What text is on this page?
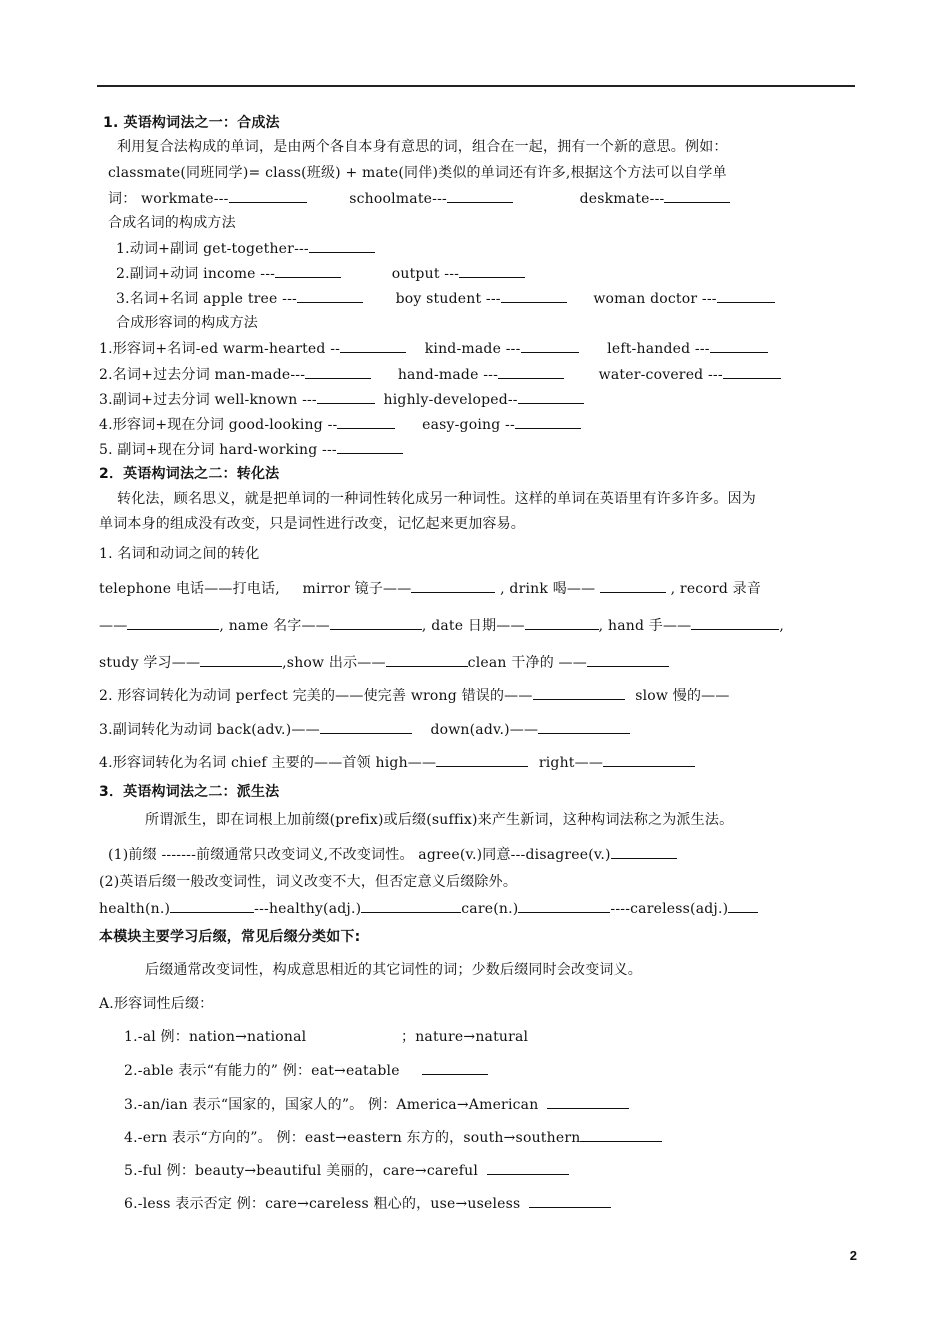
1. 英语构词法之一：合成法
利用复合法构成的单词，是由两个各自本身有意思的词，组合在一起，拥有一个新的意思。例如：
classmate(同班同学)= class(班级) + mate(同伴)类似的单词还有许多,根据这个方法可以自学单
词： workmate---	schoolmate---	deskmate---
合成名词的构成方法
1.动词+副词 get-together---
2.副词+动词 income ---	output ---
3.名词+名词 apple tree ---	boy student ---	woman doctor ---
合成形容词的构成方法
1.形容词+名词-ed warm-hearted --	kind-made ---	left-handed ---
2.名词+过去分词 man-made---	hand-made ---	water-covered ---
3.副词+过去分词 well-known ---	highly-developed--
4.形容词+现在分词 good-looking --	easy-going --
5. 副词+现在分词 hard-working ---
2．英语构词法之二：转化法
转化法，顾名思义，就是把单词的一种词性转化成另一种词性。这样的单词在英语里有许多许多。因为
单词本身的组成没有改变，只是词性进行改变，记忆起来更加容易。
1. 名词和动词之间的转化
telephone 电话——打电话, mirror 镜子——	, drink 喝——	, record 录音
——	, name 名字——	, date 日期——	, hand 手——	,
study 学习——	,show 出示——	clean 干净的 ——
2. 形容词转化为动词 perfect 完美的——使完善 wrong 错误的——	slow 慢的——
3.副词转化为动词 back(adv.)——	down(adv.)——
4.形容词转化为名词 chief 主要的——首领 high——	right——
3．英语构词法之二：派生法
所谓派生，即在词根上加前缀(prefix)或后缀(suffix)来产生新词，这种构词法称之为派生法。
(1)前缀 -------前缀通常只改变词义,不改变词性。 agree(v.)同意---disagree(v.)
(2)英语后缀一般改变词性，词义改变不大，但否定意义后缀除外。
health(n.)	---healthy(adj.)	care(n.)	----careless(adj.)
本模块主要学习后缀，常见后缀分类如下:
后缀通常改变词性，构成意思相近的其它词性的词；少数后缀同时会改变词义。
A.形容词性后缀：
1.-al 例：nation→national	；nature→natural
2.-able 表示“有能力的” 例：eat→eatable
3.-an/ian 表示“国家的，国家人的”。 例：America→American
4.-ern 表示“方向的”。 例：east→eastern 东方的，south→southern
5.-ful 例：beauty→beautiful 美丽的，care→careful
6.-less 表示否定 例：care→careless 粗心的，use→useless
2
